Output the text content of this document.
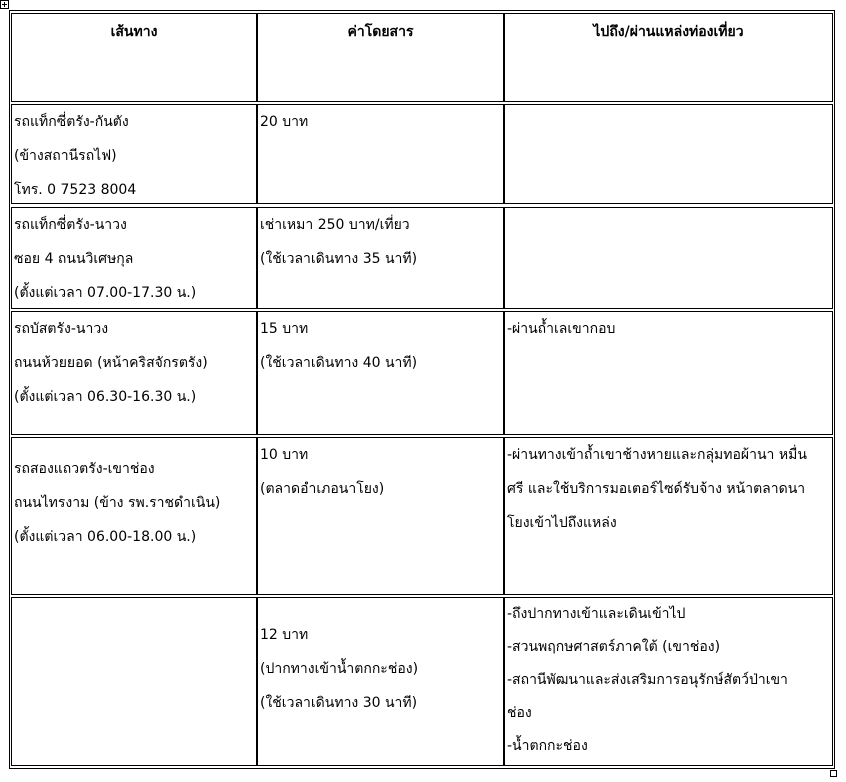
เส้นทาง	ค่าโดยสาร	ไปถึง/ผ่านแหล่งท่องเที่ยว
รถแท็กซี่ตรัง-กันตัง
(ข้างสถานีรถไฟ)
โทร. 0 7523 8004
20 บาท
รถแท็กซี่ตรัง-นาวง
ซอย 4 ถนนวิเศษกุล
(ตั้งแต่เวลา 07.00-17.30 น.)
เช่าเหมา 250 บาท/เที่ยว
(ใช้เวลาเดินทาง 35 นาที)
รถบัสตรัง-นาวง
ถนนห้วยยอด (หน้าคริสจักรตรัง)
(ตั้งแต่เวลา 06.30-16.30 น.)
15 บาท
(ใช้เวลาเดินทาง 40 นาที)
-ผ่านถ้ำเลเขากอบ
รถสองแถวตรัง-เขาช่อง
ถนนไทรงาม (ข้าง รพ.ราชดำเนิน)
(ตั้งแต่เวลา 06.00-18.00 น.)
10 บาท
(ตลาดอำเภอนาโยง)
-ผ่านทางเข้าถ้ำเขาช้างหายและกลุ่มทอผ้านา หมื่น
ศรี และใช้บริการมอเตอร์ไซด์รับจ้าง หน้าตลาดนา
โยงเข้าไปถึงแหล่ง
12 บาท
(ปากทางเข้าน้ำตกกะช่อง)
(ใช้เวลาเดินทาง 30 นาที)
-ถึงปากทางเข้าและเดินเข้าไป
-สวนพฤกษศาสตร์ภาคใต้ (เขาช่อง)
-สถานีพัฒนาและส่งเสริมการอนุรักษ์สัตว์ป่าเขา
ช่อง
-น้ำตกกะช่อง
